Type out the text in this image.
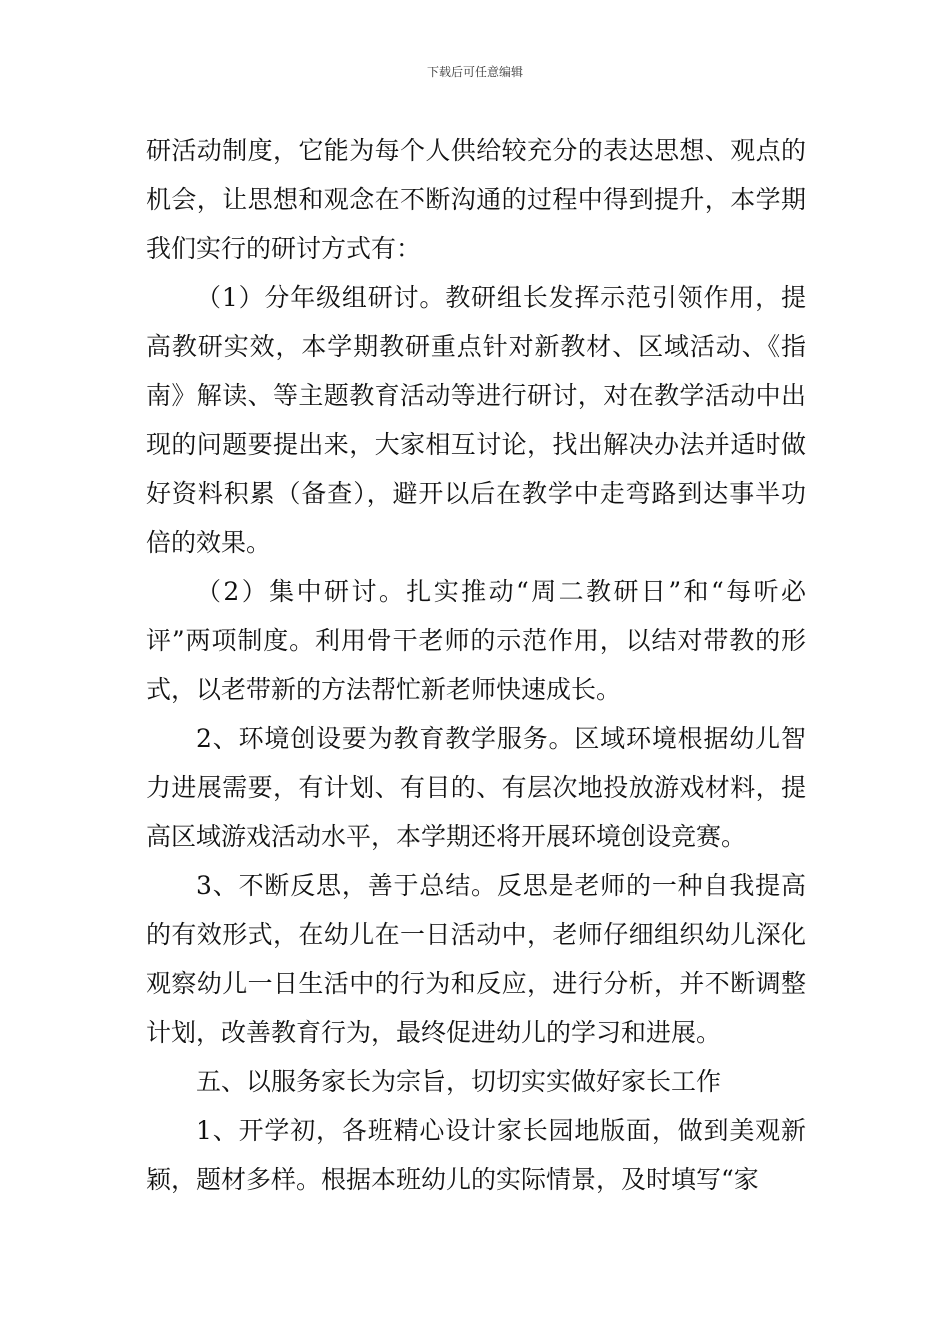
下载后可任意编辑

研活动制度，它能为每个人供给较充分的表达思想、观点的机会，让思想和观念在不断沟通的过程中得到提升，本学期我们实行的研讨方式有：

（1）分年级组研讨。教研组长发挥示范引领作用，提高教研实效，本学期教研重点针对新教材、区域活动、《指南》解读、等主题教育活动等进行研讨，对在教学活动中出现的问题要提出来，大家相互讨论，找出解决办法并适时做好资料积累（备查），避开以后在教学中走弯路到达事半功倍的效果。

（2）集中研讨。扎实推动“周二教研日”和“每听必评”两项制度。利用骨干老师的示范作用，以结对带教的形式，以老带新的方法帮忙新老师快速成长。

2、环境创设要为教育教学服务。区域环境根据幼儿智力进展需要，有计划、有目的、有层次地投放游戏材料，提高区域游戏活动水平，本学期还将开展环境创设竞赛。

3、不断反思，善于总结。反思是老师的一种自我提高的有效形式，在幼儿在一日活动中，老师仔细组织幼儿深化观察幼儿一日生活中的行为和反应，进行分析，并不断调整计划，改善教育行为，最终促进幼儿的学习和进展。

五、以服务家长为宗旨，切切实实做好家长工作

1、开学初，各班精心设计家长园地版面，做到美观新颖，题材多样。根据本班幼儿的实际情景，及时填写“家
